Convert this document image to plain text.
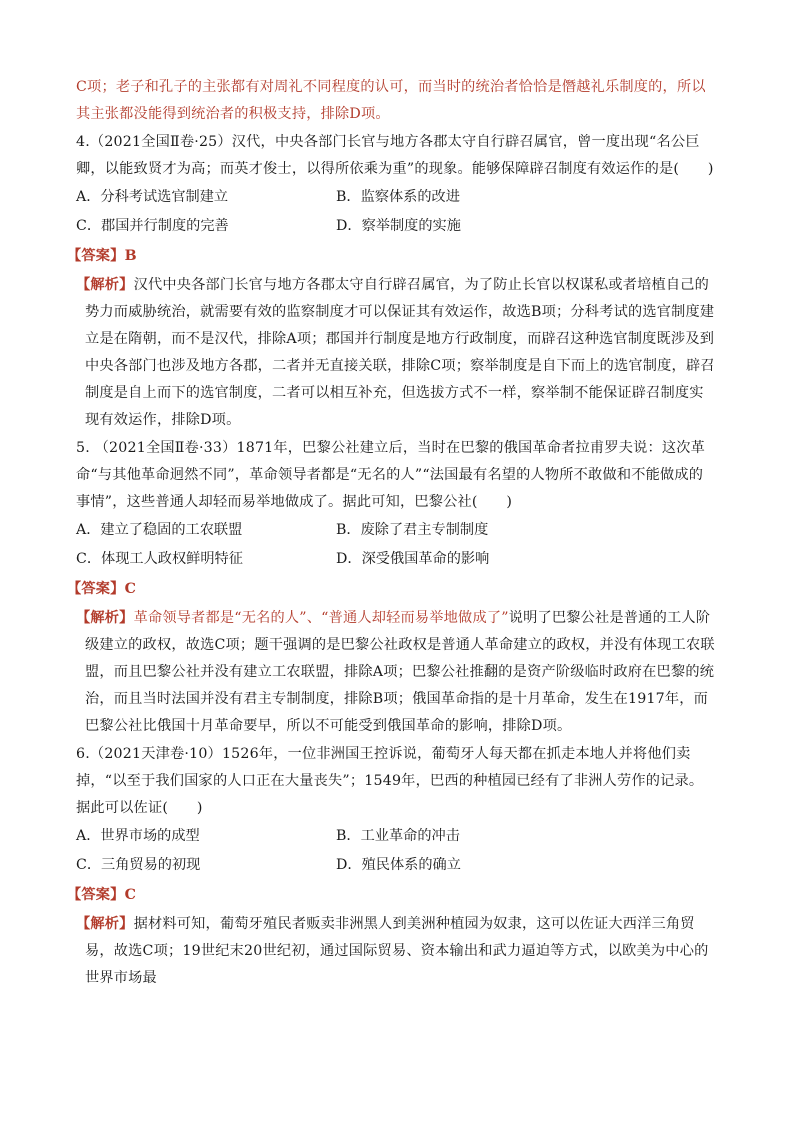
C项；老子和孔子的主张都有对周礼不同程度的认可，而当时的统治者恰恰是僭越礼乐制度的，所以其主张都没能得到统治者的积极支持，排除D项。

4.（2021全国Ⅱ卷·25）汉代，中央各部门长官与地方各郡太守自行辟召属官，曾一度出现“名公巨卿，以能致贤才为高；而英才俊士，以得所依乘为重”的现象。能够保障辟召制度有效运作的是(　　)

A．分科考试选官制建立	B．监察体系的改进
C．郡国并行制度的完善	D．察举制度的实施

【答案】B

【解析】汉代中央各部门长官与地方各郡太守自行辟召属官，为了防止长官以权谋私或者培植自己的势力而威胁统治，就需要有效的监察制度才可以保证其有效运作，故选B项；分科考试的选官制度建立是在隋朝，而不是汉代，排除A项；郡国并行制度是地方行政制度，而辟召这种选官制度既涉及到中央各部门也涉及地方各郡，二者并无直接关联，排除C项；察举制度是自下而上的选官制度，辟召制度是自上而下的选官制度，二者可以相互补充，但选拔方式不一样，察举制不能保证辟召制度实现有效运作，排除D项。

5. （2021全国Ⅱ卷·33）1871年，巴黎公社建立后，当时在巴黎的俄国革命者拉甫罗夫说：这次革命“与其他革命迥然不同”，革命领导者都是“无名的人”“法国最有名望的人物所不敢做和不能做成的事情”，这些普通人却轻而易举地做成了。据此可知，巴黎公社(　　)

A．建立了稳固的工农联盟	B．废除了君主专制制度
C．体现工人政权鲜明特征	D．深受俄国革命的影响

【答案】C

【解析】革命领导者都是“无名的人”、“普通人却轻而易举地做成了”说明了巴黎公社是普通的工人阶级建立的政权，故选C项；题干强调的是巴黎公社政权是普通人革命建立的政权，并没有体现工农联盟，而且巴黎公社并没有建立工农联盟，排除A项；巴黎公社推翻的是资产阶级临时政府在巴黎的统治，而且当时法国并没有君主专制制度，排除B项；俄国革命指的是十月革命，发生在1917年，而巴黎公社比俄国十月革命要早，所以不可能受到俄国革命的影响，排除D项。

6.（2021天津卷·10）1526年，一位非洲国王控诉说，葡萄牙人每天都在抓走本地人并将他们卖掉，“以至于我们国家的人口正在大量丧失”；1549年，巴西的种植园已经有了非洲人劳作的记录。据此可以佐证(　　)

A．世界市场的成型	B．工业革命的冲击
C．三角贸易的初现	D．殖民体系的确立

【答案】C

【解析】据材料可知，葡萄牙殖民者贩卖非洲黑人到美洲种植园为奴隶，这可以佐证大西洋三角贸易，故选C项；19世纪末20世纪初，通过国际贸易、资本输出和武力逼迫等方式，以欧美为中心的世界市场最
